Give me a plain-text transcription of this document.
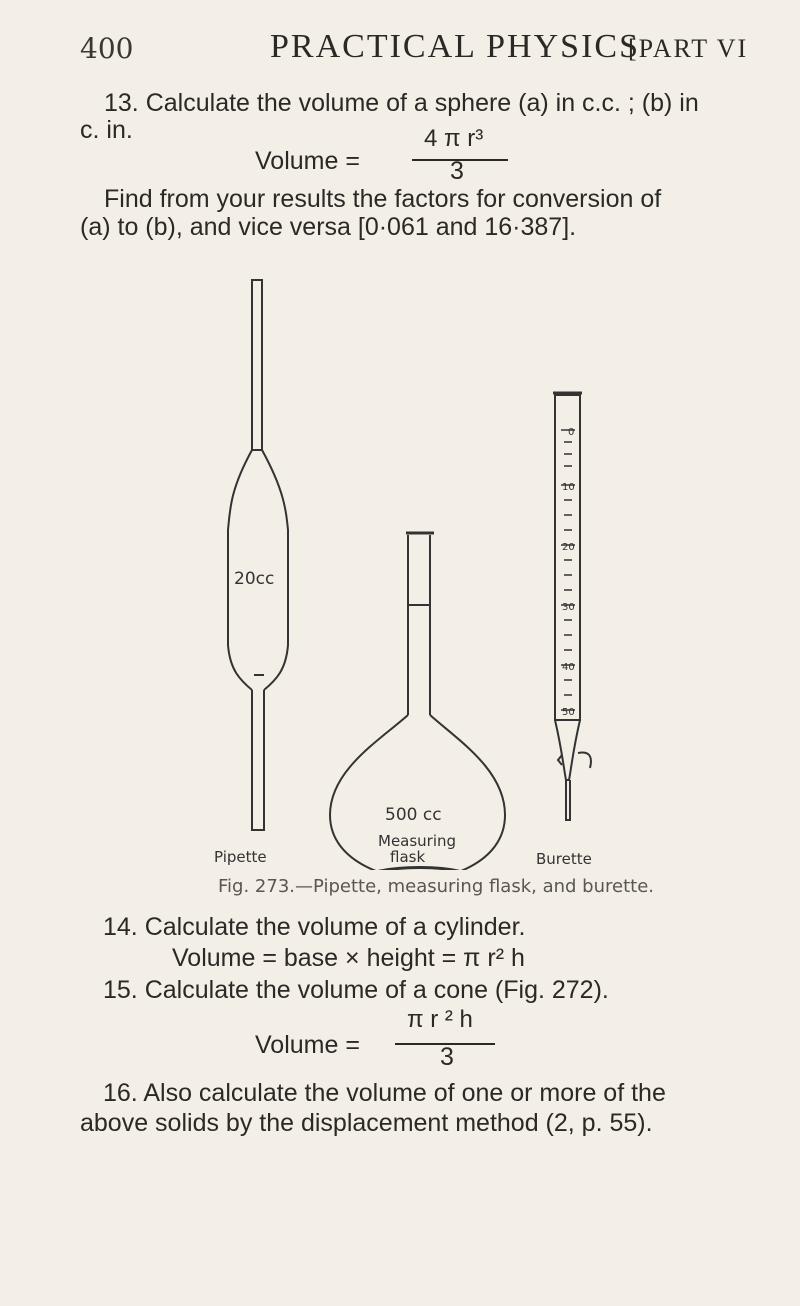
400	PRACTICAL PHYSICS
[PART VI
13. Calculate the volume of a sphere (a) in c.c. ; (b) in
c. in.	4 π r³
Volume =	3
Find from your results the factors for conversion of
(a) to (b), and vice versa [0·061 and 16·387].
20cc
500 cc
0
10
20
30
40
50
Pipette
Measuring
flask	Burette
Fig. 273.—Pipette, measuring flask, and burette.
14. Calculate the volume of a cylinder.
Volume = base × height = π r² h
15. Calculate the volume of a cone (Fig. 272).
π r ² h
Volume =	3
16. Also calculate the volume of one or more of the
above solids by the displacement method (2, p. 55).
